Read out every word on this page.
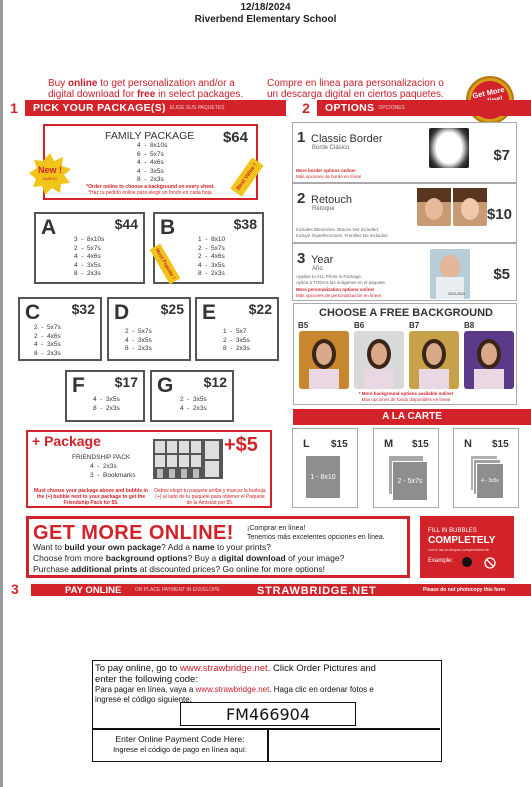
12/18/2024
Riverbend Elementary School
Buy online to get personalization and/or a
digital download for free in select packages.
Compre en linea para personalizacion o
un descarga digital en ciertos paquetes.	Get More
1	PICK YOUR PACKAGE(S) ELIGE SUS PAQUETES	2	OPTIONS OPCIONES
FAMILY PACKAGE $64
4  -  8x10s
6  -  5x7s
4  -  4x6s
4  -  3x5s
8  -  2x3s
*Order online to choose a background on every sheet.
*Haz tu pedido online para elegir un fondo en cada hoja.
New !
NUEVO	Best Value !
A	$44
3  -  8x10s
2  -  5x7s
4  -  4x6s
4  -  3x5s
8  -  2x3s
B	$38
1  -  8x10
2  -  5x7s
2  -  4x6s
4  -  3x5s
8  -  2x3s
Most Popular !
C $32
2  -  5x7s
2  -  4x6s
4  -  3x5s
8  -  2x3s
D $25
2  -  5x7s
4  -  3x5s
8  -  2x3s
E $22
1  -  5x7
2  -  3x5s
8  -  2x3s
F $17
4  -  3x5s
8  -  2x3s
G $12
2  -  3x5s
4  -  2x3s
+ Package	+$5
FRIENDSHIP PACK
4  -  2x3s
3  -  Bookmarks
Must choose your package above and bubble in the (+) bubble next to your package to get the Friendship Pack for $5.
Debes elegir tu paquete arriba y marcar la burbuja (+) al lado de tu paquete para obtener el Paquete de la Amistad por $5.
1 Classic Border
Borde Clásico	$7
More border options online!
Más opciones de borde en línea!
2 Retouch
Retoque	$10
Includes Blemishes. Braces Not Included.
Incluye Imperfecciones. Frenillos No Incluidos.
3 Year
Año
2023-2024
$5
Applies to ALL Prints in Package.
Aplica a TODAS las imágenes en el paquete.
More personalization options online!
Más opciones de personalización en línea!
CHOOSE A FREE BACKGROUND
B5	B6	B7	B8
* More background options available online!
Más opciones de fondo disponibles en línea!
A LA CARTE
L $15
1 - 8x10
M $15
2 - 5x7s
N $15
4 - 3x5s
GET MORE ONLINE! ¡Comprar en línea!
Tenemos más excelentes opciones en línea.
Want to build your own package? Add a name to your prints?
Choose from more background options? Buy a digital download of your image?
Purchase additional prints at discounted prices? Go online for more options!
FILL IN BUBBLES
COMPLETELY
Llene las burbujas completamente
Example:
3	PAY ONLINE	OR PLACE PAYMENT IN ENVELOPE	STRAWBRIDGE.NET	Please do not photocopy this form
To pay online, go to www.strawbridge.net. Click Order Pictures and
enter the following code:
Para pagar en línea, vaya a www.strawbridge.net. Haga clic en ordenar fotos e
ingrese el código siguiente:
FM466904
Enter Online Payment Code Here:
Ingrese el código de pago en línea aquí:
